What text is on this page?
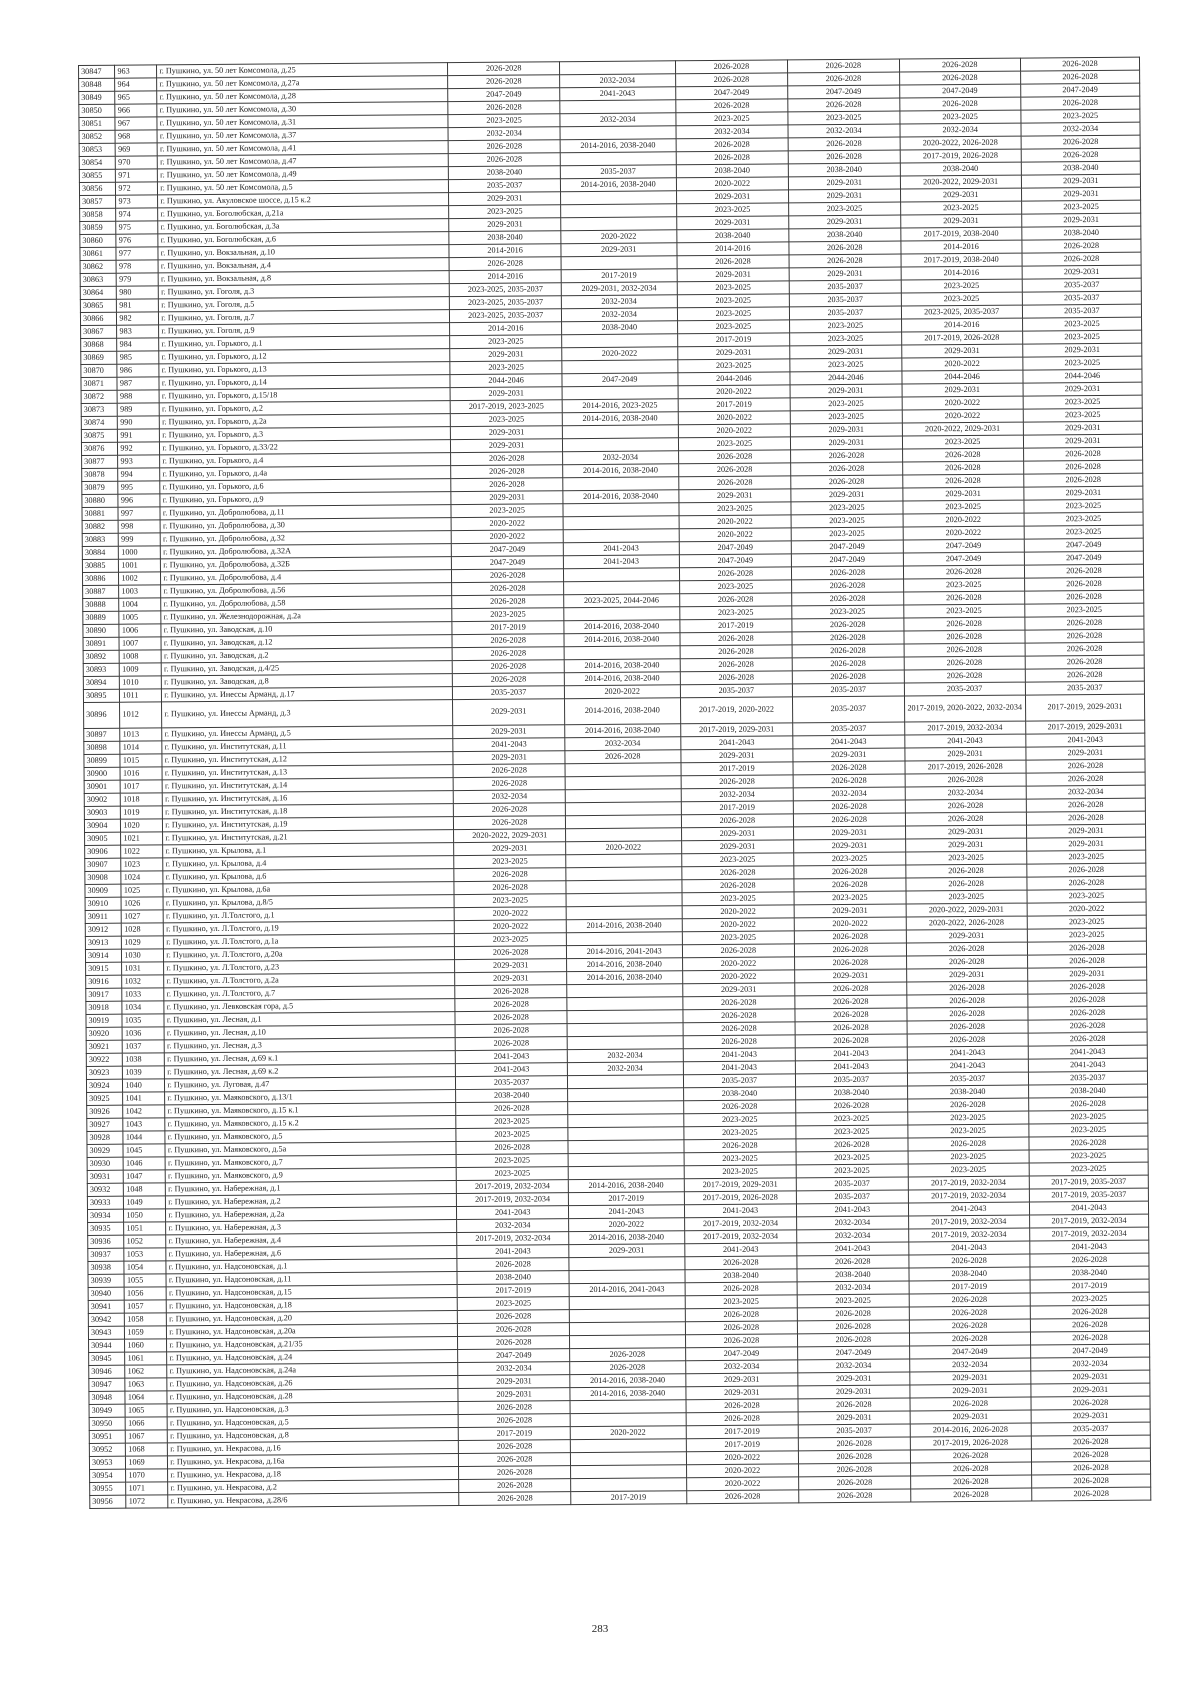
30847	963	г. Пушкино, ул. 50 лет Комсомола, д.25	2026-2028		2026-2028	2026-2028	2026-2028	2026-2028
30848	964	г. Пушкино, ул. 50 лет Комсомола, д.27а	2026-2028	2032-2034	2026-2028	2026-2028	2026-2028	2026-2028
30849	965	г. Пушкино, ул. 50 лет Комсомола, д.28	2047-2049	2041-2043	2047-2049	2047-2049	2047-2049	2047-2049
30850	966	г. Пушкино, ул. 50 лет Комсомола, д.30	2026-2028		2026-2028	2026-2028	2026-2028	2026-2028
30851	967	г. Пушкино, ул. 50 лет Комсомола, д.31	2023-2025	2032-2034	2023-2025	2023-2025	2023-2025	2023-2025
30852	968	г. Пушкино, ул. 50 лет Комсомола, д.37	2032-2034		2032-2034	2032-2034	2032-2034	2032-2034
30853	969	г. Пушкино, ул. 50 лет Комсомола, д.41	2026-2028	2014-2016, 2038-2040	2026-2028	2026-2028	2020-2022, 2026-2028	2026-2028
30854	970	г. Пушкино, ул. 50 лет Комсомола, д.47	2026-2028		2026-2028	2026-2028	2017-2019, 2026-2028	2026-2028
30855	971	г. Пушкино, ул. 50 лет Комсомола, д.49	2038-2040	2035-2037	2038-2040	2038-2040	2038-2040	2038-2040
30856	972	г. Пушкино, ул. 50 лет Комсомола, д.5	2035-2037	2014-2016, 2038-2040	2020-2022	2029-2031	2020-2022, 2029-2031	2029-2031
30857	973	г. Пушкино, ул. Акуловское шоссе, д.15 к.2	2029-2031		2029-2031	2029-2031	2029-2031	2029-2031
30858	974	г. Пушкино, ул. Боголюбская, д.21а	2023-2025		2023-2025	2023-2025	2023-2025	2023-2025
30859	975	г. Пушкино, ул. Боголюбская, д.3а	2029-2031		2029-2031	2029-2031	2029-2031	2029-2031
30860	976	г. Пушкино, ул. Боголюбская, д.6	2038-2040	2020-2022	2038-2040	2038-2040	2017-2019, 2038-2040	2038-2040
30861	977	г. Пушкино, ул. Вокзальная, д.10	2014-2016	2029-2031	2014-2016	2026-2028	2014-2016	2026-2028
30862	978	г. Пушкино, ул. Вокзальная, д.4	2026-2028		2026-2028	2026-2028	2017-2019, 2038-2040	2026-2028
30863	979	г. Пушкино, ул. Вокзальная, д.8	2014-2016	2017-2019	2029-2031	2029-2031	2014-2016	2029-2031
30864	980	г. Пушкино, ул. Гоголя, д.3	2023-2025, 2035-2037	2029-2031, 2032-2034	2023-2025	2035-2037	2023-2025	2035-2037
30865	981	г. Пушкино, ул. Гоголя, д.5	2023-2025, 2035-2037	2032-2034	2023-2025	2035-2037	2023-2025	2035-2037
30866	982	г. Пушкино, ул. Гоголя, д.7	2023-2025, 2035-2037	2032-2034	2023-2025	2035-2037	2023-2025, 2035-2037	2035-2037
30867	983	г. Пушкино, ул. Гоголя, д.9	2014-2016	2038-2040	2023-2025	2023-2025	2014-2016	2023-2025
30868	984	г. Пушкино, ул. Горького, д.1	2023-2025		2017-2019	2023-2025	2017-2019, 2026-2028	2023-2025
30869	985	г. Пушкино, ул. Горького, д.12	2029-2031	2020-2022	2029-2031	2029-2031	2029-2031	2029-2031
30870	986	г. Пушкино, ул. Горького, д.13	2023-2025		2023-2025	2023-2025	2020-2022	2023-2025
30871	987	г. Пушкино, ул. Горького, д.14	2044-2046	2047-2049	2044-2046	2044-2046	2044-2046	2044-2046
30872	988	г. Пушкино, ул. Горького, д.15/18	2029-2031		2020-2022	2029-2031	2029-2031	2029-2031
30873	989	г. Пушкино, ул. Горького, д.2	2017-2019, 2023-2025	2014-2016, 2023-2025	2017-2019	2023-2025	2020-2022	2023-2025
30874	990	г. Пушкино, ул. Горького, д.2а	2023-2025	2014-2016, 2038-2040	2020-2022	2023-2025	2020-2022	2023-2025
30875	991	г. Пушкино, ул. Горького, д.3	2029-2031		2020-2022	2029-2031	2020-2022, 2029-2031	2029-2031
30876	992	г. Пушкино, ул. Горького, д.33/22	2029-2031		2023-2025	2029-2031	2023-2025	2029-2031
30877	993	г. Пушкино, ул. Горького, д.4	2026-2028	2032-2034	2026-2028	2026-2028	2026-2028	2026-2028
30878	994	г. Пушкино, ул. Горького, д.4а	2026-2028	2014-2016, 2038-2040	2026-2028	2026-2028	2026-2028	2026-2028
30879	995	г. Пушкино, ул. Горького, д.6	2026-2028		2026-2028	2026-2028	2026-2028	2026-2028
30880	996	г. Пушкино, ул. Горького, д.9	2029-2031	2014-2016, 2038-2040	2029-2031	2029-2031	2029-2031	2029-2031
30881	997	г. Пушкино, ул. Добролюбова, д.11	2023-2025		2023-2025	2023-2025	2023-2025	2023-2025
30882	998	г. Пушкино, ул. Добролюбова, д.30	2020-2022		2020-2022	2023-2025	2020-2022	2023-2025
30883	999	г. Пушкино, ул. Добролюбова, д.32	2020-2022		2020-2022	2023-2025	2020-2022	2023-2025
30884	1000	г. Пушкино, ул. Добролюбова, д.32А	2047-2049	2041-2043	2047-2049	2047-2049	2047-2049	2047-2049
30885	1001	г. Пушкино, ул. Добролюбова, д.32Б	2047-2049	2041-2043	2047-2049	2047-2049	2047-2049	2047-2049
30886	1002	г. Пушкино, ул. Добролюбова, д.4	2026-2028		2026-2028	2026-2028	2026-2028	2026-2028
30887	1003	г. Пушкино, ул. Добролюбова, д.56	2026-2028		2023-2025	2026-2028	2023-2025	2026-2028
30888	1004	г. Пушкино, ул. Добролюбова, д.58	2026-2028	2023-2025, 2044-2046	2026-2028	2026-2028	2026-2028	2026-2028
30889	1005	г. Пушкино, ул. Железнодорожная, д.2а	2023-2025		2023-2025	2023-2025	2023-2025	2023-2025
30890	1006	г. Пушкино, ул. Заводская, д.10	2017-2019	2014-2016, 2038-2040	2017-2019	2026-2028	2026-2028	2026-2028
30891	1007	г. Пушкино, ул. Заводская, д.12	2026-2028	2014-2016, 2038-2040	2026-2028	2026-2028	2026-2028	2026-2028
30892	1008	г. Пушкино, ул. Заводская, д.2	2026-2028		2026-2028	2026-2028	2026-2028	2026-2028
30893	1009	г. Пушкино, ул. Заводская, д.4/25	2026-2028	2014-2016, 2038-2040	2026-2028	2026-2028	2026-2028	2026-2028
30894	1010	г. Пушкино, ул. Заводская, д.8	2026-2028	2014-2016, 2038-2040	2026-2028	2026-2028	2026-2028	2026-2028
30895	1011	г. Пушкино, ул. Инессы Арманд, д.17	2035-2037	2020-2022	2035-2037	2035-2037	2035-2037	2035-2037
30896	1012	г. Пушкино, ул. Инессы Арманд, д.3	2029-2031	2014-2016, 2038-2040	2017-2019, 2020-2022	2035-2037	2017-2019, 2020-2022, 2032-2034	2017-2019, 2029-2031
30897	1013	г. Пушкино, ул. Инессы Арманд, д.5	2029-2031	2014-2016, 2038-2040	2017-2019, 2029-2031	2035-2037	2017-2019, 2032-2034	2017-2019, 2029-2031
30898	1014	г. Пушкино, ул. Институтская, д.11	2041-2043	2032-2034	2041-2043	2041-2043	2041-2043	2041-2043
30899	1015	г. Пушкино, ул. Институтская, д.12	2029-2031	2026-2028	2029-2031	2029-2031	2029-2031	2029-2031
30900	1016	г. Пушкино, ул. Институтская, д.13	2026-2028		2017-2019	2026-2028	2017-2019, 2026-2028	2026-2028
30901	1017	г. Пушкино, ул. Институтская, д.14	2026-2028		2026-2028	2026-2028	2026-2028	2026-2028
30902	1018	г. Пушкино, ул. Институтская, д.16	2032-2034		2032-2034	2032-2034	2032-2034	2032-2034
30903	1019	г. Пушкино, ул. Институтская, д.18	2026-2028		2017-2019	2026-2028	2026-2028	2026-2028
30904	1020	г. Пушкино, ул. Институтская, д.19	2026-2028		2026-2028	2026-2028	2026-2028	2026-2028
30905	1021	г. Пушкино, ул. Институтская, д.21	2020-2022, 2029-2031		2029-2031	2029-2031	2029-2031	2029-2031
30906	1022	г. Пушкино, ул. Крылова, д.1	2029-2031	2020-2022	2029-2031	2029-2031	2029-2031	2029-2031
30907	1023	г. Пушкино, ул. Крылова, д.4	2023-2025		2023-2025	2023-2025	2023-2025	2023-2025
30908	1024	г. Пушкино, ул. Крылова, д.6	2026-2028		2026-2028	2026-2028	2026-2028	2026-2028
30909	1025	г. Пушкино, ул. Крылова, д.6а	2026-2028		2026-2028	2026-2028	2026-2028	2026-2028
30910	1026	г. Пушкино, ул. Крылова, д.8/5	2023-2025		2023-2025	2023-2025	2023-2025	2023-2025
30911	1027	г. Пушкино, ул. Л.Толстого, д.1	2020-2022		2020-2022	2029-2031	2020-2022, 2029-2031	2020-2022
30912	1028	г. Пушкино, ул. Л.Толстого, д.19	2020-2022	2014-2016, 2038-2040	2020-2022	2020-2022	2020-2022, 2026-2028	2023-2025
30913	1029	г. Пушкино, ул. Л.Толстого, д.1а	2023-2025		2023-2025	2026-2028	2029-2031	2023-2025
30914	1030	г. Пушкино, ул. Л.Толстого, д.20а	2026-2028	2014-2016, 2041-2043	2026-2028	2026-2028	2026-2028	2026-2028
30915	1031	г. Пушкино, ул. Л.Толстого, д.23	2029-2031	2014-2016, 2038-2040	2020-2022	2026-2028	2026-2028	2026-2028
30916	1032	г. Пушкино, ул. Л.Толстого, д.2а	2029-2031	2014-2016, 2038-2040	2020-2022	2029-2031	2029-2031	2029-2031
30917	1033	г. Пушкино, ул. Л.Толстого, д.7	2026-2028		2029-2031	2026-2028	2026-2028	2026-2028
30918	1034	г. Пушкино, ул. Левковская гора, д.5	2026-2028		2026-2028	2026-2028	2026-2028	2026-2028
30919	1035	г. Пушкино, ул. Лесная, д.1	2026-2028		2026-2028	2026-2028	2026-2028	2026-2028
30920	1036	г. Пушкино, ул. Лесная, д.10	2026-2028		2026-2028	2026-2028	2026-2028	2026-2028
30921	1037	г. Пушкино, ул. Лесная, д.3	2026-2028		2026-2028	2026-2028	2026-2028	2026-2028
30922	1038	г. Пушкино, ул. Лесная, д.69 к.1	2041-2043	2032-2034	2041-2043	2041-2043	2041-2043	2041-2043
30923	1039	г. Пушкино, ул. Лесная, д.69 к.2	2041-2043	2032-2034	2041-2043	2041-2043	2041-2043	2041-2043
30924	1040	г. Пушкино, ул. Луговая, д.47	2035-2037		2035-2037	2035-2037	2035-2037	2035-2037
30925	1041	г. Пушкино, ул. Маяковского, д.13/1	2038-2040		2038-2040	2038-2040	2038-2040	2038-2040
30926	1042	г. Пушкино, ул. Маяковского, д.15 к.1	2026-2028		2026-2028	2026-2028	2026-2028	2026-2028
30927	1043	г. Пушкино, ул. Маяковского, д.15 к.2	2023-2025		2023-2025	2023-2025	2023-2025	2023-2025
30928	1044	г. Пушкино, ул. Маяковского, д.5	2023-2025		2023-2025	2023-2025	2023-2025	2023-2025
30929	1045	г. Пушкино, ул. Маяковского, д.5а	2026-2028		2026-2028	2026-2028	2026-2028	2026-2028
30930	1046	г. Пушкино, ул. Маяковского, д.7	2023-2025		2023-2025	2023-2025	2023-2025	2023-2025
30931	1047	г. Пушкино, ул. Маяковского, д.9	2023-2025		2023-2025	2023-2025	2023-2025	2023-2025
30932	1048	г. Пушкино, ул. Набережная, д.1	2017-2019, 2032-2034	2014-2016, 2038-2040	2017-2019, 2029-2031	2035-2037	2017-2019, 2032-2034	2017-2019, 2035-2037
30933	1049	г. Пушкино, ул. Набережная, д.2	2017-2019, 2032-2034	2017-2019	2017-2019, 2026-2028	2035-2037	2017-2019, 2032-2034	2017-2019, 2035-2037
30934	1050	г. Пушкино, ул. Набережная, д.2а	2041-2043	2041-2043	2041-2043	2041-2043	2041-2043	2041-2043
30935	1051	г. Пушкино, ул. Набережная, д.3	2032-2034	2020-2022	2017-2019, 2032-2034	2032-2034	2017-2019, 2032-2034	2017-2019, 2032-2034
30936	1052	г. Пушкино, ул. Набережная, д.4	2017-2019, 2032-2034	2014-2016, 2038-2040	2017-2019, 2032-2034	2032-2034	2017-2019, 2032-2034	2017-2019, 2032-2034
30937	1053	г. Пушкино, ул. Набережная, д.6	2041-2043	2029-2031	2041-2043	2041-2043	2041-2043	2041-2043
30938	1054	г. Пушкино, ул. Надсоновская, д.1	2026-2028		2026-2028	2026-2028	2026-2028	2026-2028
30939	1055	г. Пушкино, ул. Надсоновская, д.11	2038-2040		2038-2040	2038-2040	2038-2040	2038-2040
30940	1056	г. Пушкино, ул. Надсоновская, д.15	2017-2019	2014-2016, 2041-2043	2026-2028	2032-2034	2017-2019	2017-2019
30941	1057	г. Пушкино, ул. Надсоновская, д.18	2023-2025		2023-2025	2023-2025	2026-2028	2023-2025
30942	1058	г. Пушкино, ул. Надсоновская, д.20	2026-2028		2026-2028	2026-2028	2026-2028	2026-2028
30943	1059	г. Пушкино, ул. Надсоновская, д.20а	2026-2028		2026-2028	2026-2028	2026-2028	2026-2028
30944	1060	г. Пушкино, ул. Надсоновская, д.21/35	2026-2028		2026-2028	2026-2028	2026-2028	2026-2028
30945	1061	г. Пушкино, ул. Надсоновская, д.24	2047-2049	2026-2028	2047-2049	2047-2049	2047-2049	2047-2049
30946	1062	г. Пушкино, ул. Надсоновская, д.24а	2032-2034	2026-2028	2032-2034	2032-2034	2032-2034	2032-2034
30947	1063	г. Пушкино, ул. Надсоновская, д.26	2029-2031	2014-2016, 2038-2040	2029-2031	2029-2031	2029-2031	2029-2031
30948	1064	г. Пушкино, ул. Надсоновская, д.28	2029-2031	2014-2016, 2038-2040	2029-2031	2029-2031	2029-2031	2029-2031
30949	1065	г. Пушкино, ул. Надсоновская, д.3	2026-2028		2026-2028	2026-2028	2026-2028	2026-2028
30950	1066	г. Пушкино, ул. Надсоновская, д.5	2026-2028		2026-2028	2029-2031	2029-2031	2029-2031
30951	1067	г. Пушкино, ул. Надсоновская, д.8	2017-2019	2020-2022	2017-2019	2035-2037	2014-2016, 2026-2028	2035-2037
30952	1068	г. Пушкино, ул. Некрасова, д.16	2026-2028		2017-2019	2026-2028	2017-2019, 2026-2028	2026-2028
30953	1069	г. Пушкино, ул. Некрасова, д.16а	2026-2028		2020-2022	2026-2028	2026-2028	2026-2028
30954	1070	г. Пушкино, ул. Некрасова, д.18	2026-2028		2020-2022	2026-2028	2026-2028	2026-2028
30955	1071	г. Пушкино, ул. Некрасова, д.2	2026-2028		2020-2022	2026-2028	2026-2028	2026-2028
30956	1072	г. Пушкино, ул. Некрасова, д.28/6	2026-2028	2017-2019	2026-2028	2026-2028	2026-2028	2026-2028
283
